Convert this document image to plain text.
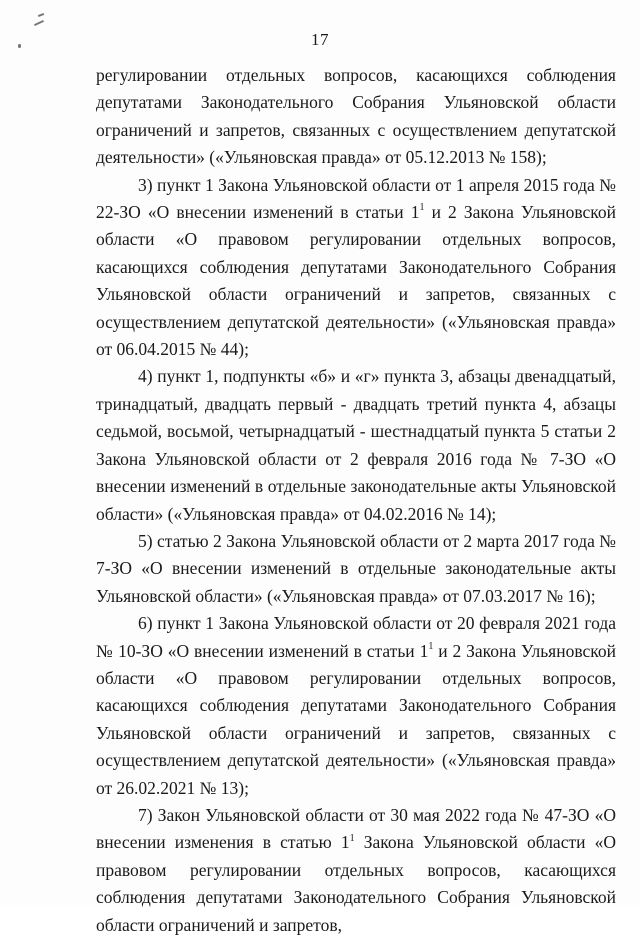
17

регулировании отдельных вопросов, касающихся соблюдения депутатами Законодательного Собрания Ульяновской области ограничений и запретов, связанных с осуществлением депутатской деятельности» («Ульяновская правда» от 05.12.2013 № 158);

3) пункт 1 Закона Ульяновской области от 1 апреля 2015 года № 22-ЗО «О внесении изменений в статьи $1^1$ и 2 Закона Ульяновской области «О правовом регулировании отдельных вопросов, касающихся соблюдения депутатами Законодательного Собрания Ульяновской области ограничений и запретов, связанных с осуществлением депутатской деятельности» («Ульяновская правда» от 06.04.2015 № 44);

4) пункт 1, подпункты «б» и «г» пункта 3, абзацы двенадцатый, тринадцатый, двадцать первый - двадцать третий пункта 4, абзацы седьмой, восьмой, четырнадцатый - шестнадцатый пункта 5 статьи 2 Закона Ульяновской области от 2 февраля 2016 года № 7-ЗО «О внесении изменений в отдельные законодательные акты Ульяновской области» («Ульяновская правда» от 04.02.2016 № 14);

5) статью 2 Закона Ульяновской области от 2 марта 2017 года № 7-ЗО «О внесении изменений в отдельные законодательные акты Ульяновской области» («Ульяновская правда» от 07.03.2017 № 16);

6) пункт 1 Закона Ульяновской области от 20 февраля 2021 года № 10-ЗО «О внесении изменений в статьи $1^1$ и 2 Закона Ульяновской области «О правовом регулировании отдельных вопросов, касающихся соблюдения депутатами Законодательного Собрания Ульяновской области ограничений и запретов, связанных с осуществлением депутатской деятельности» («Ульяновская правда» от 26.02.2021 № 13);

7) Закон Ульяновской области от 30 мая 2022 года № 47-ЗО «О внесении изменения в статью $1^1$ Закона Ульяновской области «О правовом регулировании отдельных вопросов, касающихся соблюдения депутатами Законодательного Собрания Ульяновской области ограничений и запретов,
